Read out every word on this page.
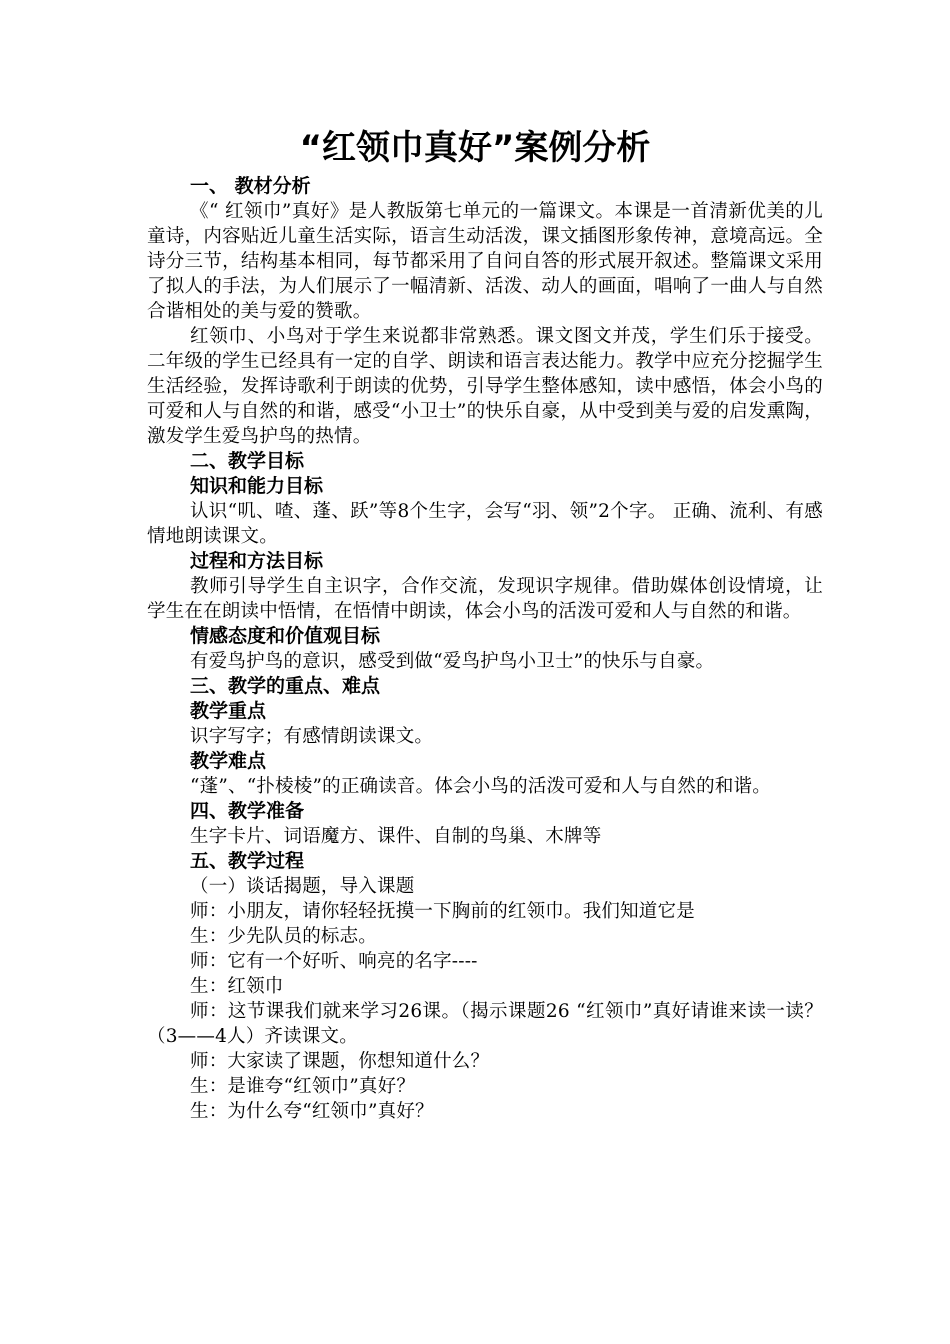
“红领巾真好”案例分析
一、 教材分析

《“ 红领巾”真好》是人教版第七单元的一篇课文。本课是一首清新优美的儿童诗，内容贴近儿童生活实际，语言生动活泼，课文插图形象传神，意境高远。全诗分三节，结构基本相同，每节都采用了自问自答的形式展开叙述。整篇课文采用了拟人的手法，为人们展示了一幅清新、活泼、动人的画面，唱响了一曲人与自然合谐相处的美与爱的赞歌。

红领巾、小鸟对于学生来说都非常熟悉。课文图文并茂，学生们乐于接受。二年级的学生已经具有一定的自学、朗读和语言表达能力。教学中应充分挖掘学生生活经验，发挥诗歌利于朗读的优势，引导学生整体感知，读中感悟，体会小鸟的可爱和人与自然的和谐，感受“小卫士”的快乐自豪，从中受到美与爱的启发熏陶，激发学生爱鸟护鸟的热情。

二、教学目标
知识和能力目标

认识“叽、喳、蓬、跃”等8个生字，会写“羽、领”2个字。 正确、流利、有感情地朗读课文。

过程和方法目标

教师引导学生自主识字，合作交流，发现识字规律。借助媒体创设情境，让学生在在朗读中悟情，在悟情中朗读，体会小鸟的活泼可爱和人与自然的和谐。

情感态度和价值观目标

有爱鸟护鸟的意识，感受到做“爱鸟护鸟小卫士”的快乐与自豪。

三、教学的重点、难点
教学重点
识字写字；有感情朗读课文。
教学难点

“蓬”、“扑棱棱”的正确读音。体会小鸟的活泼可爱和人与自然的和谐。

四、教学准备
生字卡片、词语魔方、课件、自制的鸟巢、木牌等
五、教学过程
（一）谈话揭题，导入课题
师：小朋友，请你轻轻抚摸一下胸前的红领巾。我们知道它是
生：少先队员的标志。
师：它有一个好听、响亮的名字----
生：红领巾

师：这节课我们就来学习26课。（揭示课题26 “红领巾”真好请谁来读一读？（3——4人）齐读课文。

师：大家读了课题，你想知道什么？
生：是谁夸“红领巾”真好？
生：为什么夸“红领巾”真好？
